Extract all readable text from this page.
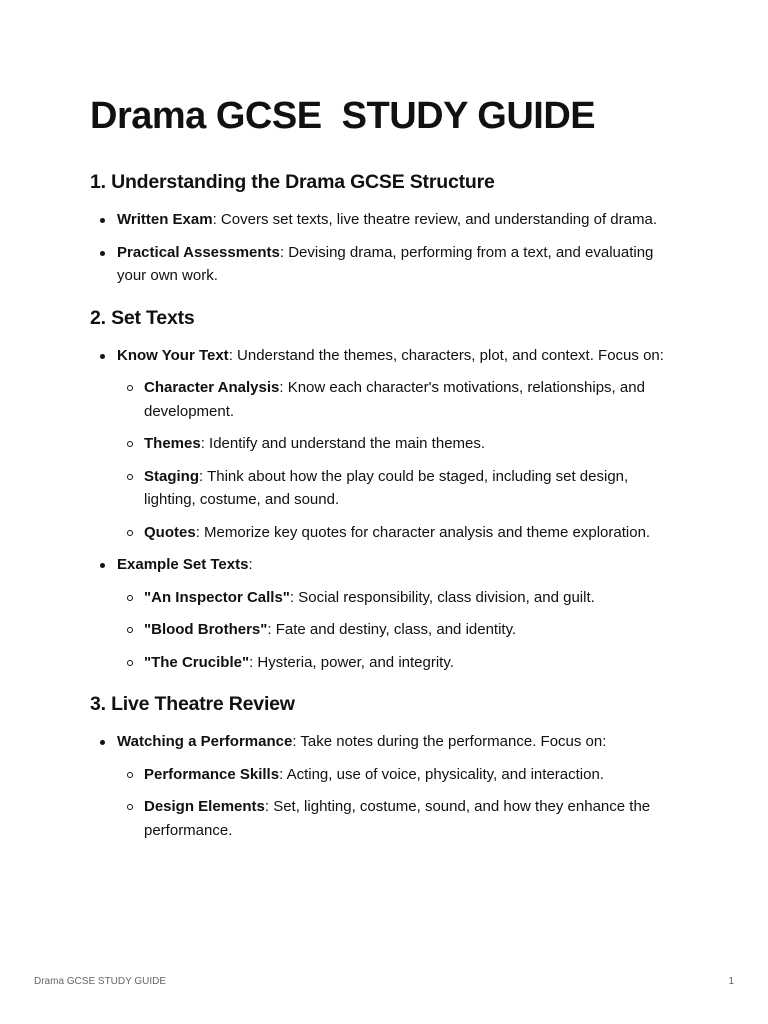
Drama GCSE  STUDY GUIDE
1. Understanding the Drama GCSE Structure
Written Exam: Covers set texts, live theatre review, and understanding of drama.
Practical Assessments: Devising drama, performing from a text, and evaluating your own work.
2. Set Texts
Know Your Text: Understand the themes, characters, plot, and context. Focus on:
Character Analysis: Know each character's motivations, relationships, and development.
Themes: Identify and understand the main themes.
Staging: Think about how the play could be staged, including set design, lighting, costume, and sound.
Quotes: Memorize key quotes for character analysis and theme exploration.
Example Set Texts:
"An Inspector Calls": Social responsibility, class division, and guilt.
"Blood Brothers": Fate and destiny, class, and identity.
"The Crucible": Hysteria, power, and integrity.
3. Live Theatre Review
Watching a Performance: Take notes during the performance. Focus on:
Performance Skills: Acting, use of voice, physicality, and interaction.
Design Elements: Set, lighting, costume, sound, and how they enhance the performance.
Drama GCSE STUDY GUIDE	1
